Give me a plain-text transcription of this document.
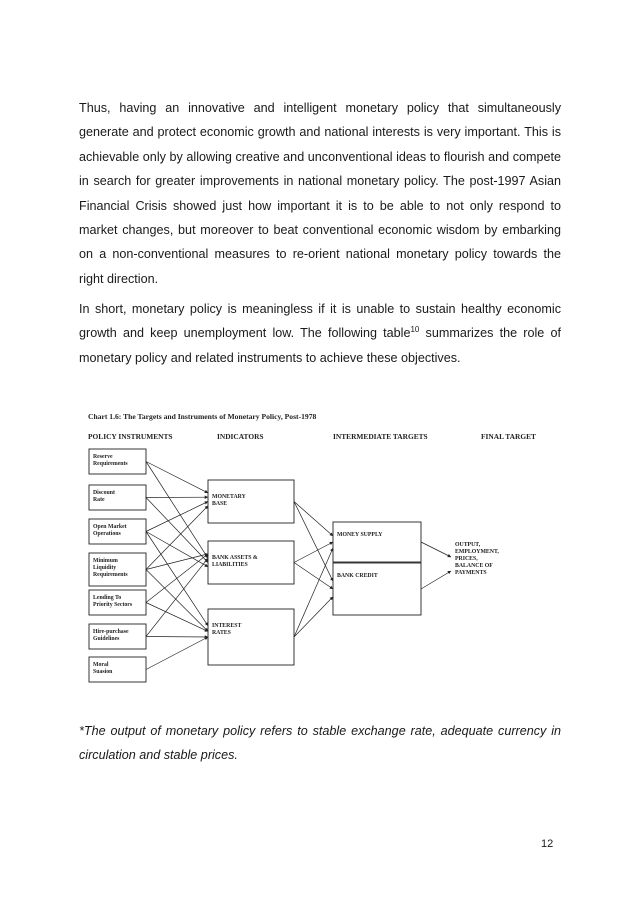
Thus, having an innovative and intelligent monetary policy that simultaneously generate and protect economic growth and national interests is very important. This is achievable only by allowing creative and unconventional ideas to flourish and compete in search for greater improvements in national monetary policy. The post-1997 Asian Financial Crisis showed just how important it is to be able to not only respond to market changes, but moreover to beat conventional economic wisdom by embarking on a non-conventional measures to re-orient national monetary policy towards the right direction.

In short, monetary policy is meaningless if it is unable to sustain healthy economic growth and keep unemployment low. The following table$^{10}$ summarizes the role of monetary policy and related instruments to achieve these objectives.

Chart 1.6: The Targets and Instruments of Monetary Policy, Post-1978
POLICY INSTRUMENTS	INDICATORS	INTERMEDIATE TARGETS	FINAL TARGET
Reserve
Requirements
Discount
Rate
Open Market
Operations
Minimum
Liquidity
Requirements
Lending To
Priority Sectors
Hire-purchase
Guidelines
Moral
Suasion
MONETARY
BASE
BANK ASSETS &
LIABILITIES
INTEREST
RATES
MONEY SUPPLY
BANK CREDIT
OUTPUT,
EMPLOYMENT,
PRICES,
BALANCE OF
PAYMENTS

*The output of monetary policy refers to stable exchange rate, adequate currency in circulation and stable prices.

12
